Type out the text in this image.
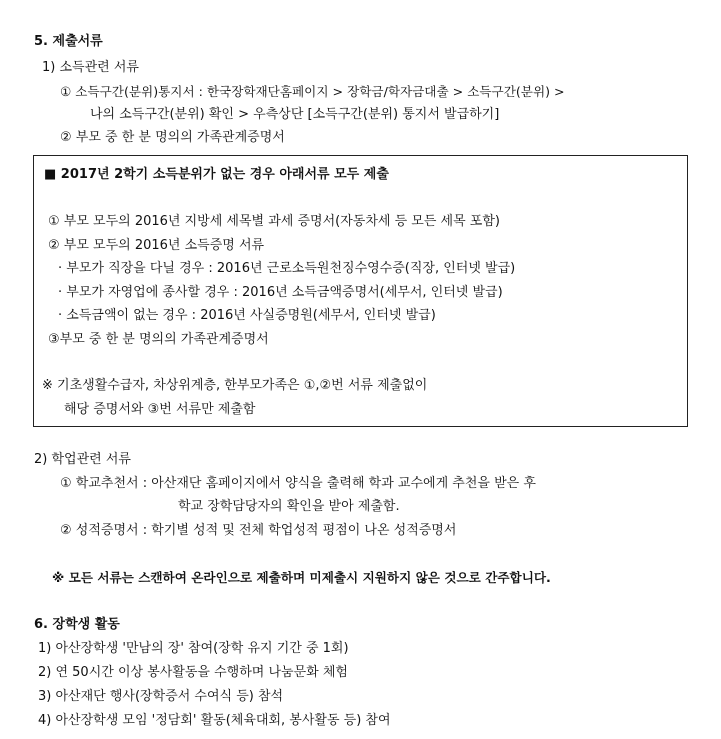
5. 제출서류
1) 소득관련 서류
① 소득구간(분위)통지서 : 한국장학재단홈페이지 > 장학금/학자금대출 > 소득구간(분위) >
나의 소득구간(분위) 확인 > 우측상단 [소득구간(분위) 통지서 발급하기]
② 부모 중 한 분 명의의 가족관계증명서
■ 2017년 2학기 소득분위가 없는 경우 아래서류 모두 제출
① 부모 모두의 2016년 지방세 세목별 과세 증명서(자동차세 등 모든 세목 포함)
② 부모 모두의 2016년 소득증명 서류
· 부모가 직장을 다닐 경우 : 2016년 근로소득원천징수영수증(직장, 인터넷 발급)
· 부모가 자영업에 종사할 경우 : 2016년 소득금액증명서(세무서, 인터넷 발급)
· 소득금액이 없는 경우 : 2016년 사실증명원(세무서, 인터넷 발급)
③부모 중 한 분 명의의 가족관계증명서
※ 기초생활수급자, 차상위계층, 한부모가족은 ①,②번 서류 제출없이
해당 증명서와 ③번 서류만 제출함
2) 학업관련 서류
① 학교추천서 : 아산재단 홈페이지에서 양식을 출력해 학과 교수에게 추천을 받은 후
학교 장학담당자의 확인을 받아 제출함.
② 성적증명서 : 학기별 성적 및 전체 학업성적 평점이 나온 성적증명서
※ 모든 서류는 스캔하여 온라인으로 제출하며 미제출시 지원하지 않은 것으로 간주합니다.
6. 장학생 활동
1) 아산장학생 '만남의 장' 참여(장학 유지 기간 중 1회)
2) 연 50시간 이상 봉사활동을 수행하며 나눔문화 체험
3) 아산재단 행사(장학증서 수여식 등) 참석
4) 아산장학생 모임 '정담회' 활동(체육대회, 봉사활동 등) 참여
